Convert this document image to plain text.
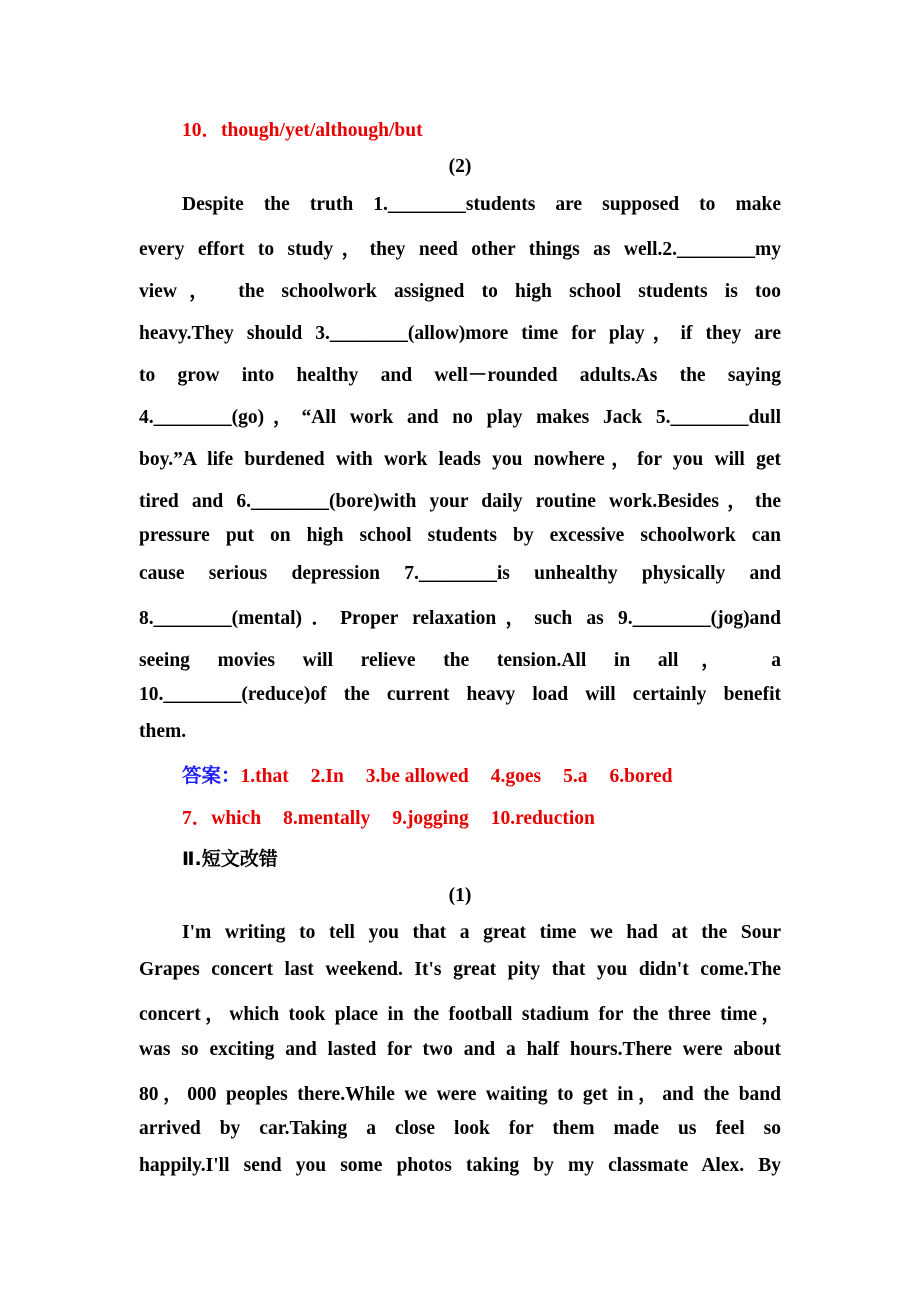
10．though/yet/although/but
(2)
Despite the truth 1.________students are supposed to make
every effort to study，they need other things as well.2.________my
view， the schoolwork assigned to high school students is too
heavy.They should 3.________(allow)more time for play，if they are
to grow into healthy and well－rounded adults.As the saying
4.________(go)，“All work and no play makes Jack 5.________dull
boy.”A life burdened with work leads you nowhere，for you will get
tired and 6.________(bore)with your daily routine work.Besides，the
pressure put on high school students by excessive schoolwork can
cause serious depression 7.________is unhealthy physically and
8.________(mental)．Proper relaxation，such as 9.________(jog)and
seeing movies will relieve the tension.All in all， a
10.________(reduce)of the current heavy load will certainly benefit
them.
答案：1.that 2.In 3.be allowed 4.goes 5.a 6.bored
7．which 8.mentally 9.jogging 10.reduction
Ⅱ.短文改错
(1)
I'm writing to tell you that a great time we had at the Sour
Grapes concert last weekend. It's great pity that you didn't come.The
concert，which took place in the football stadium for the three time，
was so exciting and lasted for two and a half hours.There were about
80，000 peoples there.While we were waiting to get in，and the band
arrived by car.Taking a close look for them made us feel so
happily.I'll send you some photos taking by my classmate Alex. By
